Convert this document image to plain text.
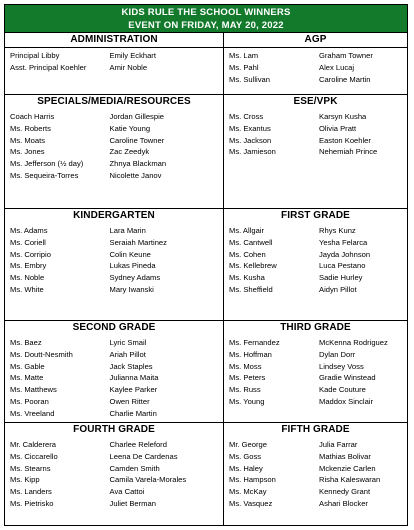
KIDS RULE THE SCHOOL WINNERS
EVENT ON FRIDAY, MAY 20, 2022
ADMINISTRATION
Principal Libby	Emily Eckhart
Asst. Principal Koehler	Amir Noble
AGP
Ms. Lam	Graham Towner
Ms. Pahl	Alex Lucaj
Ms. Sullivan	Caroline Martin
SPECIALS/MEDIA/RESOURCES
Coach Harris	Jordan Gillespie
Ms. Roberts	Katie Young
Ms. Moats	Caroline Towner
Ms. Jones	Zac Zeedyk
Ms. Jefferson (½ day)	Zhnya Blackman
Ms. Sequeira-Torres	Nicolette Janov
ESE/VPK
Ms. Cross	Karsyn Kusha
Ms. Exantus	Olivia Pratt
Ms. Jackson	Easton Koehler
Ms. Jamieson	Nehemiah Prince
KINDERGARTEN
Ms. Adams	Lara Marin
Ms. Coriell	Seraiah Martinez
Ms. Corripio	Colin Keune
Ms. Embry	Lukas Pineda
Ms. Noble	Sydney Adams
Ms. White	Mary Iwanski
FIRST GRADE
Ms. Allgair	Rhys Kunz
Ms. Cantwell	Yesha Felarca
Ms. Cohen	Jayda Johnson
Ms. Kellebrew	Luca Pestano
Ms. Kusha	Sadie Hurley
Ms. Sheffield	Aidyn Pillot
SECOND GRADE
Ms. Baez	Lyric Smail
Ms. Doutt-Nesmith	Ariah Pillot
Ms. Gable	Jack Staples
Ms. Matte	Julianna Maita
Ms. Matthews	Kaylee Parker
Ms. Pooran	Owen Ritter
Ms. Vreeland	Charlie Martin
THIRD GRADE
Ms. Fernandez	McKenna Rodriguez
Ms. Hoffman	Dylan Dorr
Ms. Moss	Lindsey Voss
Ms. Peters	Gradie Winstead
Ms. Russ	Kade Couture
Ms. Young	Maddox Sinclair
FOURTH GRADE
Mr. Calderera	Charlee Releford
Ms. Ciccarello	Leena De Cardenas
Ms. Stearns	Camden Smith
Ms. Kipp	Camila Varela-Morales
Ms. Landers	Ava Cattoi
Ms. Pietrisko	Juliet Berman
FIFTH GRADE
Mr. George	Julia Farrar
Ms. Goss	Mathias Bolivar
Ms. Haley	Mckenzie Carlen
Ms. Hampson	Risha Kaleswaran
Ms. McKay	Kennedy Grant
Ms. Vasquez	Ashari Blocker
